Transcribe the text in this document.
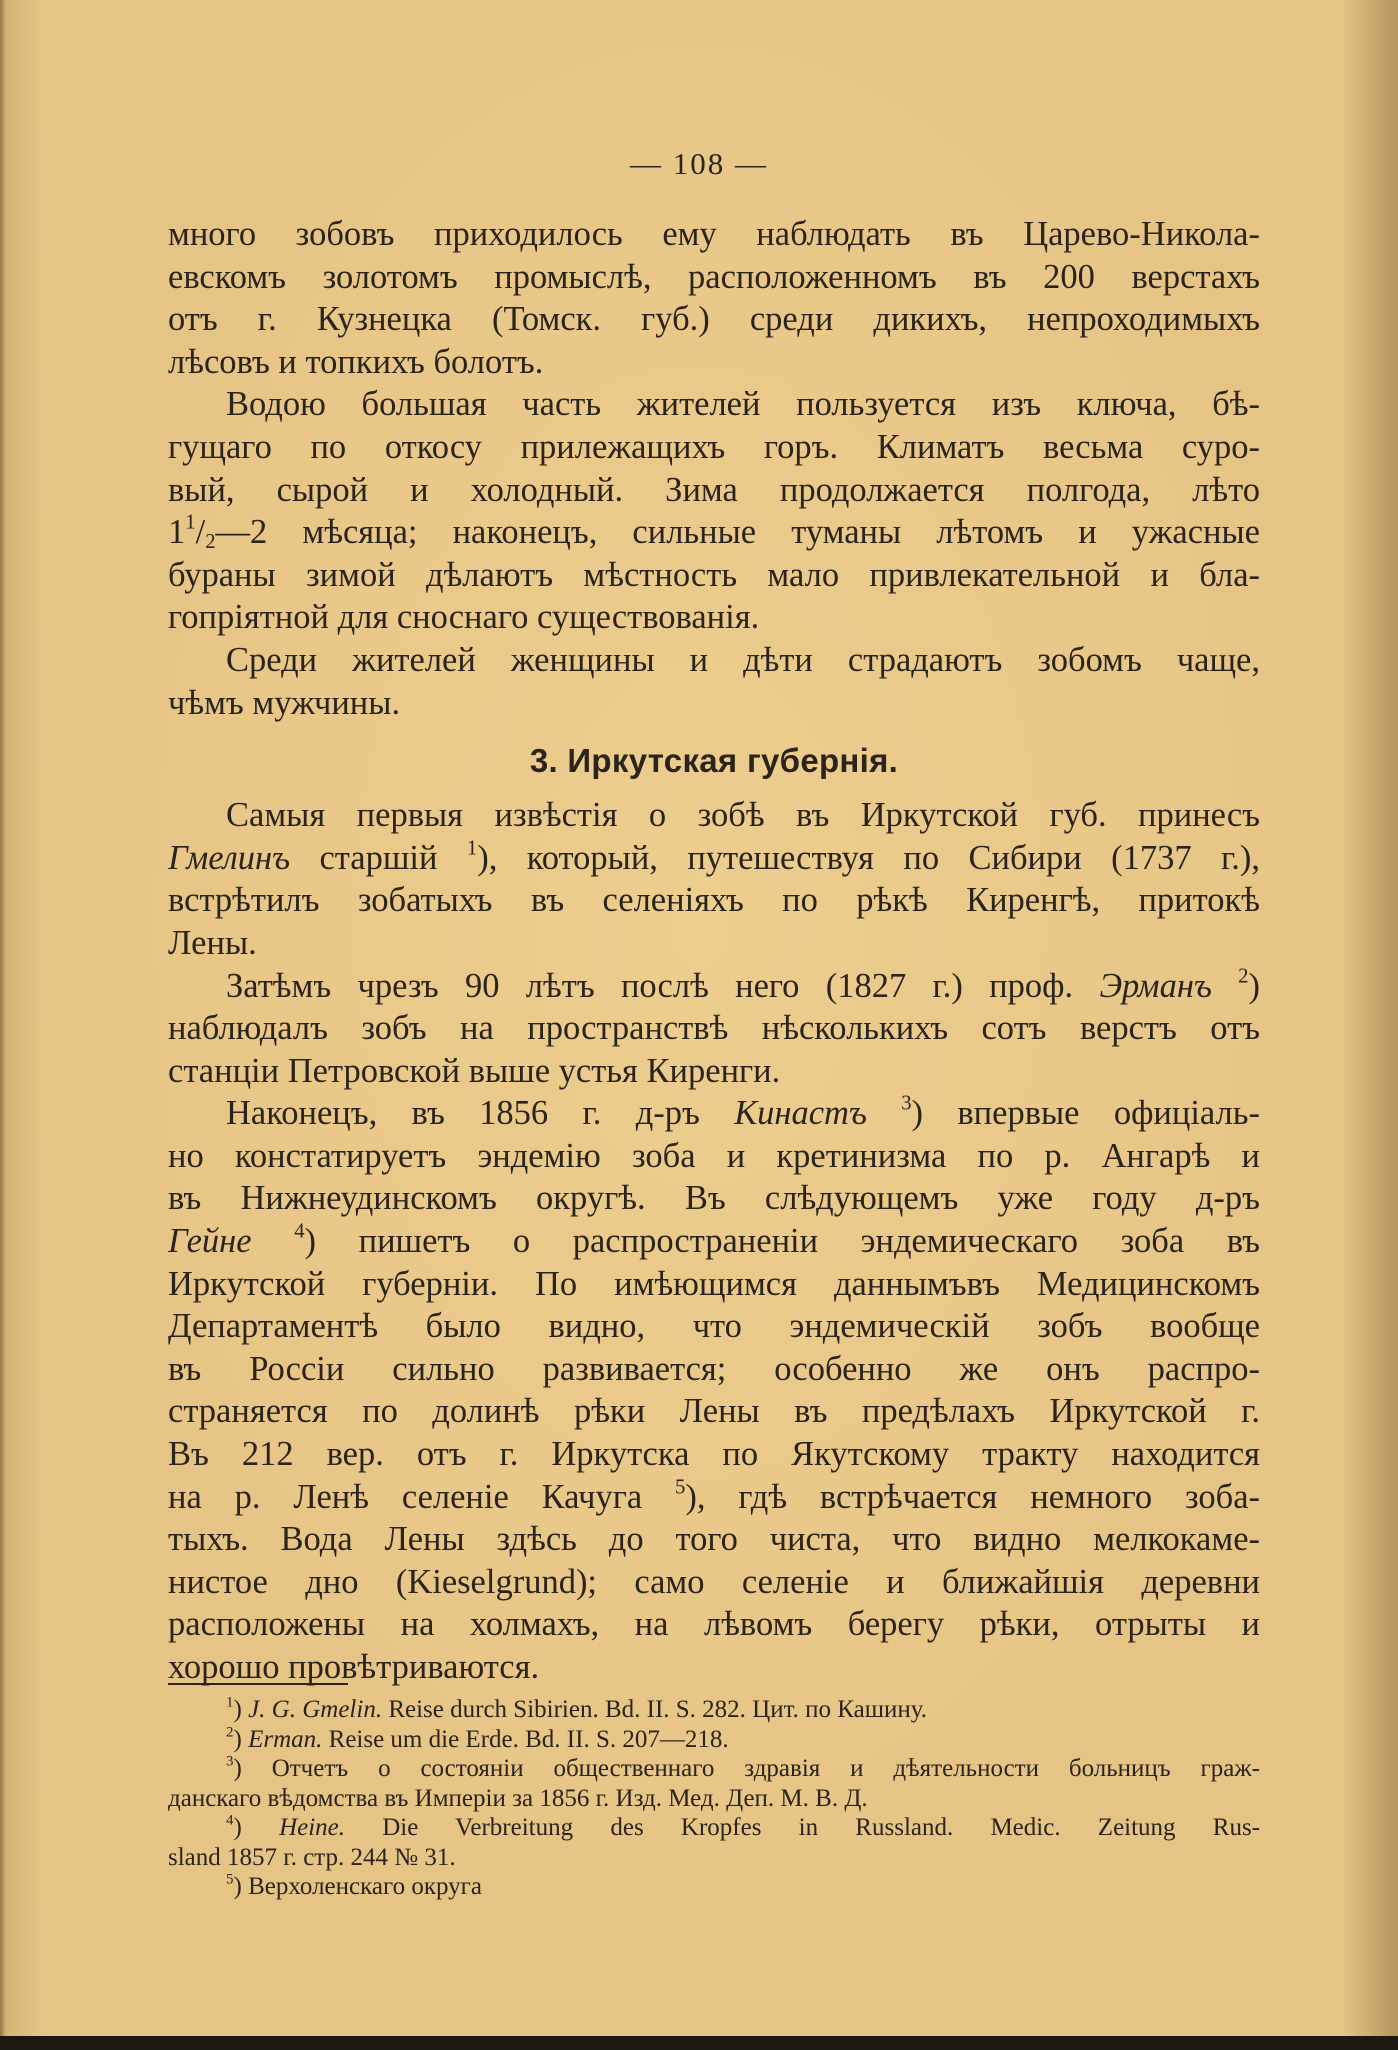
— 108 —
много зобовъ приходилось ему наблюдать въ Царево-Никола-
евскомъ золотомъ промыслѣ, расположенномъ въ 200 верстахъ
отъ г. Кузнецка (Томск. губ.) среди дикихъ, непроходимыхъ
лѣсовъ и топкихъ болотъ.
Водою большая часть жителей пользуется изъ ключа, бѣ-
гущаго по откосу прилежащихъ горъ. Климатъ весьма суро-
вый, сырой и холодный. Зима продолжается полгода, лѣто
$1^1/_2—2$ мѣсяца; наконецъ, сильные туманы лѣтомъ и ужасные
бураны зимой дѣлаютъ мѣстность мало привлекательной и бла-
гопріятной для сноснаго существованія.
Среди жителей женщины и дѣти страдаютъ зобомъ чаще,
чѣмъ мужчины.
3. Иркутская губернія.
Самыя первыя извѣстія о зобѣ въ Иркутской губ. принесъ
Гмелинъ старшій $^1$), который, путешествуя по Сибири (1737 г.),
встрѣтилъ зобатыхъ въ селеніяхъ по рѣкѣ Киренгѣ, притокѣ
Лены.
Затѣмъ чрезъ 90 лѣтъ послѣ него (1827 г.) проф. Эрманъ $^2$)
наблюдалъ зобъ на пространствѣ нѣсколькихъ сотъ верстъ отъ
станціи Петровской выше устья Киренги.
Наконецъ, въ 1856 г. д-ръ Кинастъ $^3$) впервые офиціаль-
но констатируетъ эндемію зоба и кретинизма по р. Ангарѣ и
въ Нижнеудинскомъ округѣ. Въ слѣдующемъ уже году д-ръ
Гейне $^4$) пишетъ о распространеніи эндемическаго зоба въ
Иркутской губерніи. По имѣющимся даннымъвъ Медицинскомъ
Департаментѣ было видно, что эндемическій зобъ вообще
въ Россіи сильно развивается; особенно же онъ распро-
страняется по долинѣ рѣки Лены въ предѣлахъ Иркутской г.
Въ 212 вер. отъ г. Иркутска по Якутскому тракту находится
на р. Ленѣ селеніе Качуга $^5$), гдѣ встрѣчается немного зоба-
тыхъ. Вода Лены здѣсь до того чиста, что видно мелкокаме-
нистое дно (Kieselgrund); само селеніе и ближайшія деревни
расположены на холмахъ, на лѣвомъ берегу рѣки, отрыты и
хорошо провѣтриваются.
$^1$) J. G. Gmelin. Reise durch Sibirien. Bd. II. S. 282. Цит. по Кашину.
$^2$) Erman. Reise um die Erde. Bd. II. S. 207—218.
$^3$) Отчетъ о состояніи общественнаго здравія и дѣятельности больницъ граж-
данскаго вѣдомства въ Имперіи за 1856 г. Изд. Мед. Деп. М. В. Д.
$^4$) Heine. Die Verbreitung des Kropfes in Russland. Medic. Zeitung Rus-
sland 1857 г. стр. 244 № 31.
$^5$) Верхоленскаго округа
